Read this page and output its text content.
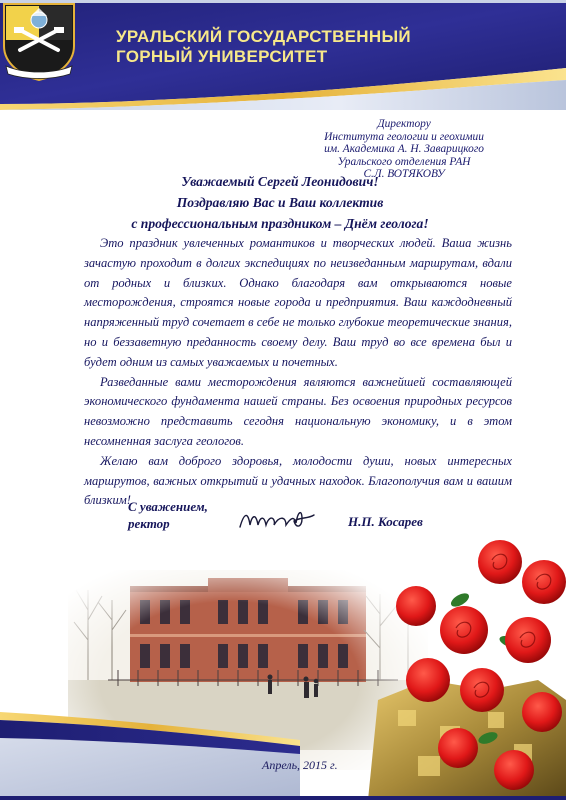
УРАЛЬСКИЙ ГОСУДАРСТВЕННЫЙ
ГОРНЫЙ УНИВЕРСИТЕТ
Директору
Института геологии и геохимии
им. Академика А. Н. Заварицкого
Уральского отделения РАН
С.Л. ВОТЯКОВУ
Уважаемый Сергей Леонидович!
Поздравляю Вас и Ваш коллектив
с профессиональным праздником – Днём геолога!

Это праздник увлеченных романтиков и творческих людей. Ваша жизнь зачастую проходит в долгих экспедициях по неизведанным маршрутам, вдали от родных и близких. Однако благодаря вам открываются новые месторождения, строятся новые города и предприятия. Ваш каждодневный напряженный труд сочетает в себе не только глубокие теоретические знания, но и беззаветную преданность своему делу. Ваш труд во все времена был и будет одним из самых уважаемых и почетных.

Разведанные вами месторождения являются важнейшей составляющей экономического фундамента нашей страны. Без освоения природных ресурсов невозможно представить сегодня национальную экономику, и в этом несомненная заслуга геологов.

Желаю вам доброго здоровья, молодости души, новых интересных маршрутов, важных открытий и удачных находок. Благополучия вам и вашим близким!

С уважением,
ректор	Н.П. Косарев
Апрель, 2015 г.
